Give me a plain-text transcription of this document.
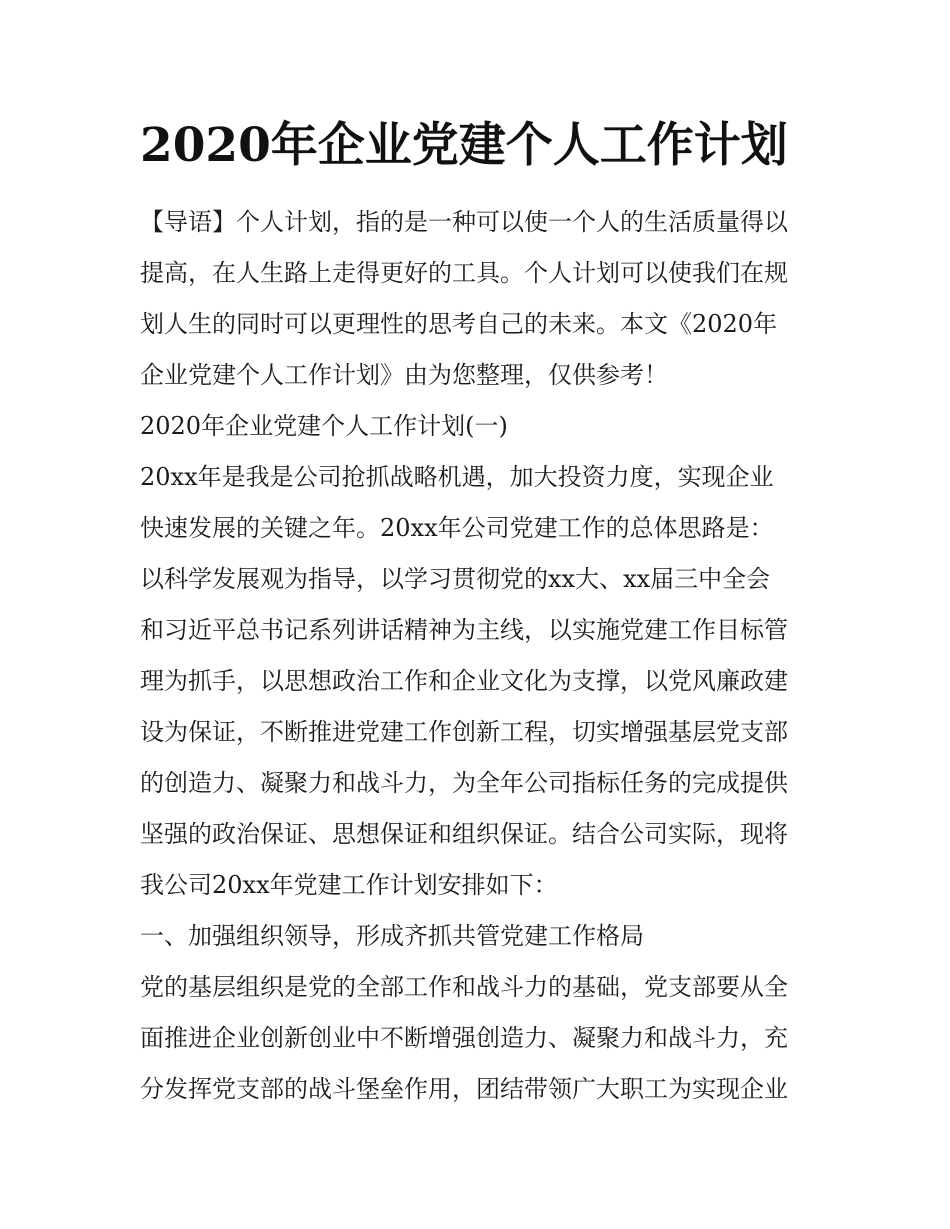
2020年企业党建个人工作计划

【导语】个人计划，指的是一种可以使一个人的生活质量得以

提高，在人生路上走得更好的工具。个人计划可以使我们在规

划人生的同时可以更理性的思考自己的未来。本文《2020年

企业党建个人工作计划》由为您整理，仅供参考！

2020年企业党建个人工作计划(一)

20xx年是我是公司抢抓战略机遇，加大投资力度，实现企业

快速发展的关键之年。20xx年公司党建工作的总体思路是：

以科学发展观为指导，以学习贯彻党的xx大、xx届三中全会

和习近平总书记系列讲话精神为主线，以实施党建工作目标管

理为抓手，以思想政治工作和企业文化为支撑，以党风廉政建

设为保证，不断推进党建工作创新工程，切实增强基层党支部

的创造力、凝聚力和战斗力，为全年公司指标任务的完成提供

坚强的政治保证、思想保证和组织保证。结合公司实际，现将

我公司20xx年党建工作计划安排如下：

一、加强组织领导，形成齐抓共管党建工作格局

党的基层组织是党的全部工作和战斗力的基础，党支部要从全

面推进企业创新创业中不断增强创造力、凝聚力和战斗力，充

分发挥党支部的战斗堡垒作用，团结带领广大职工为实现企业
